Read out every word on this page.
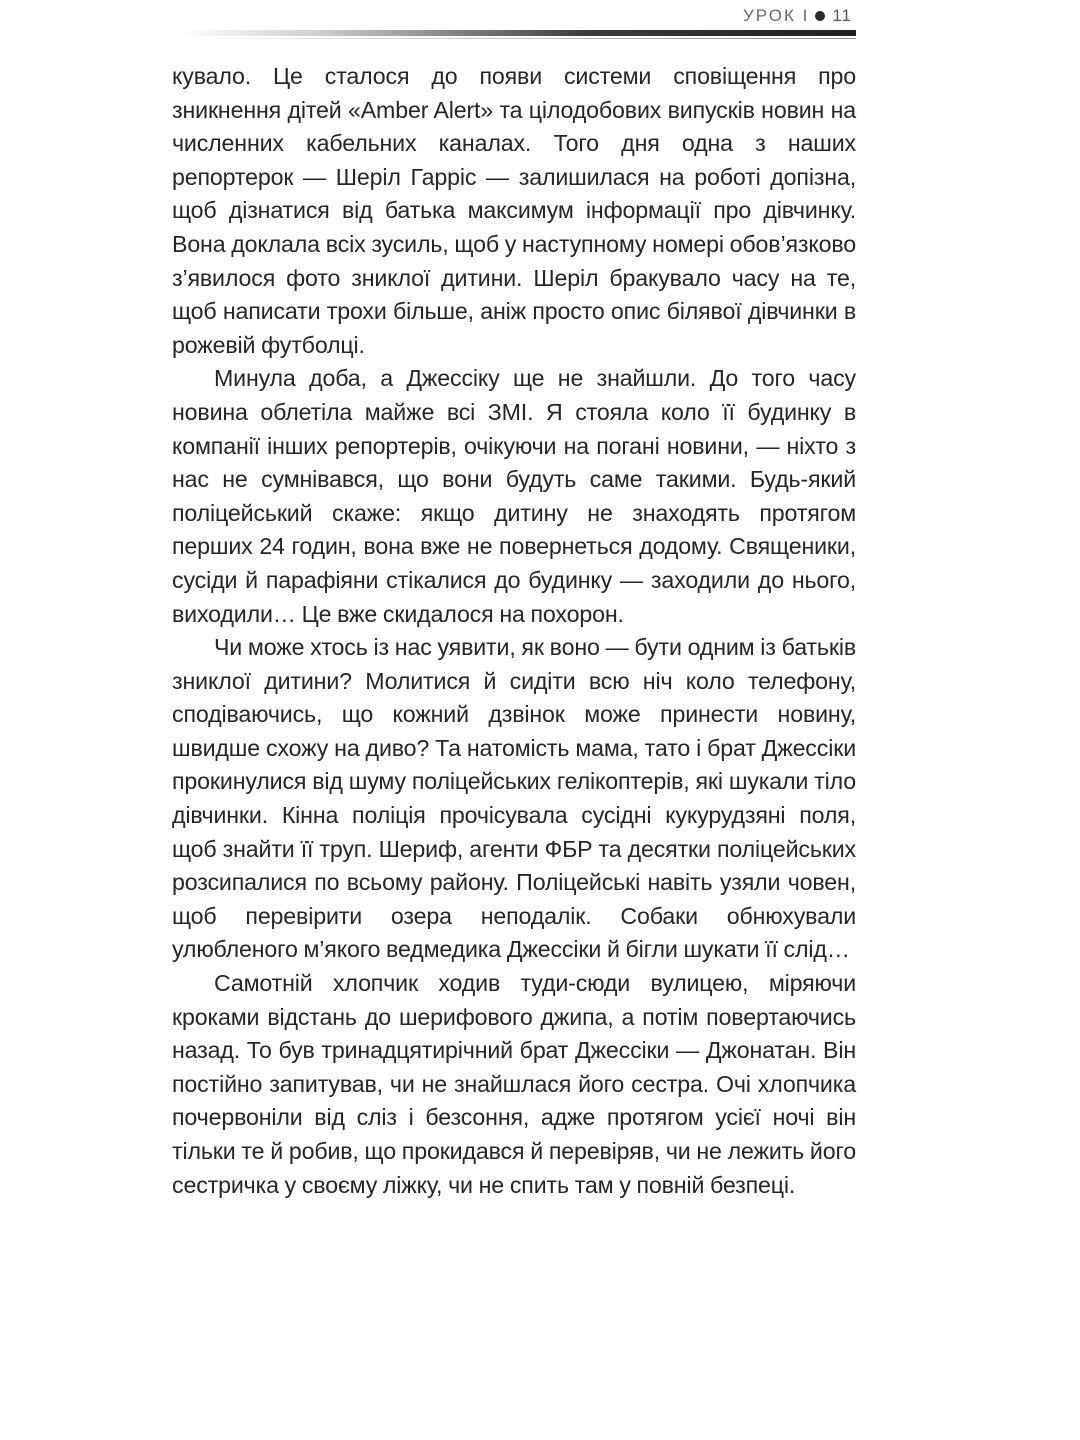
УРОК I 11

кувало. Це сталося до появи системи сповіщення про зникнення дітей «Amber Alert» та цілодобових випусків новин на численних кабельних каналах. Того дня одна з наших репортерок — Шеріл Гарріс — залишилася на роботі допізна, щоб дізнатися від батька максимум інформації про дівчинку. Вона доклала всіх зусиль, щоб у наступному номері обов’язково з’явилося фото зниклої дитини. Шеріл бракувало часу на те, щоб написати трохи більше, аніж просто опис білявої дівчинки в рожевій футболці.

Минула доба, а Джессіку ще не знайшли. До того часу новина облетіла майже всі ЗМІ. Я стояла коло її будинку в компанії інших репортерів, очікуючи на погані новини, — ніхто з нас не сумнівався, що вони будуть саме такими. Будь-який поліцейський скаже: якщо дитину не знаходять протягом перших 24 годин, вона вже не повернеться додому. Священики, сусіди й парафіяни стікалися до будинку — заходили до нього, виходили… Це вже скидалося на похорон.

Чи може хтось із нас уявити, як воно — бути одним із батьків зниклої дитини? Молитися й сидіти всю ніч коло телефону, сподіваючись, що кожний дзвінок може принести новину, швидше схожу на диво? Та натомість мама, тато і брат Джессіки прокинулися від шуму поліцейських гелікоптерів, які шукали тіло дівчинки. Кінна поліція прочісувала сусідні кукурудзяні поля, щоб знайти її труп. Шериф, агенти ФБР та десятки поліцейських розсипалися по всьому району. Поліцейські навіть узяли човен, щоб перевірити озера неподалік. Собаки обнюхували улюбленого м’якого ведмедика Джессіки й бігли шукати її слід…

Самотній хлопчик ходив туди-сюди вулицею, міряючи кроками відстань до шерифового джипа, а потім повертаючись назад. То був тринадцятирічний брат Джессіки — Джонатан. Він постійно запитував, чи не знайшлася його сестра. Очі хлопчика почервоніли від сліз і безсоння, адже протягом усієї ночі він тільки те й робив, що прокидався й перевіряв, чи не лежить його сестричка у своєму ліжку, чи не спить там у повній безпеці.
